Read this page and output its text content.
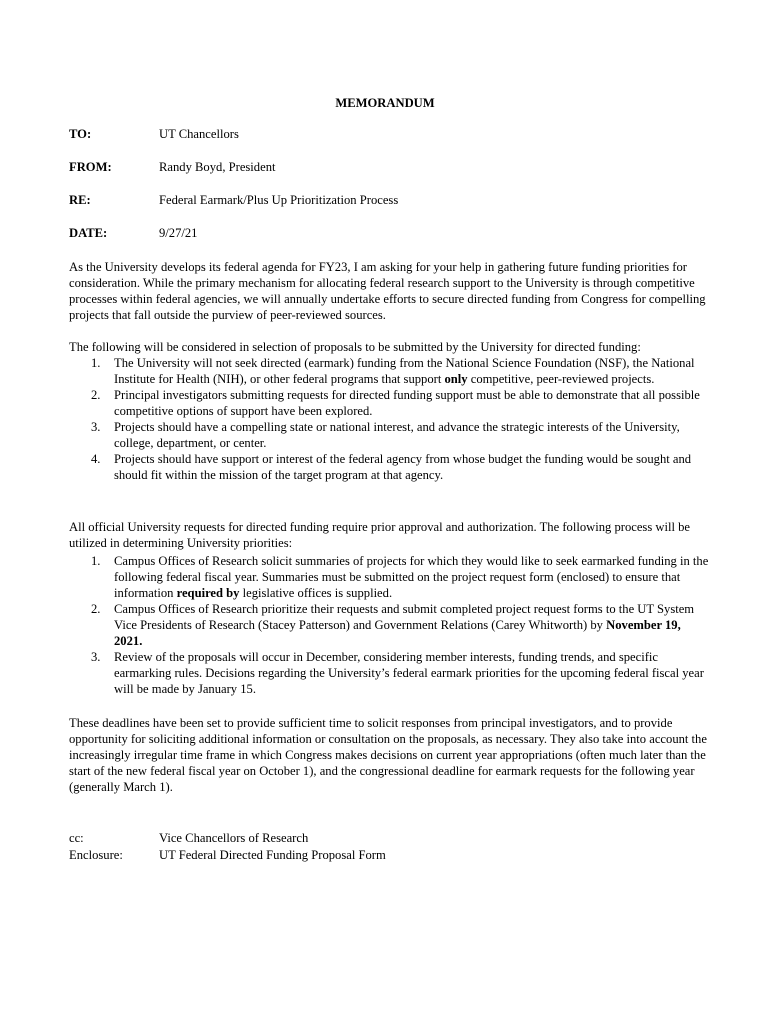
MEMORANDUM
TO:	UT Chancellors
FROM:	Randy Boyd, President
RE:	Federal Earmark/Plus Up Prioritization Process
DATE:	9/27/21

As the University develops its federal agenda for FY23, I am asking for your help in gathering future funding priorities for consideration. While the primary mechanism for allocating federal research support to the University is through competitive processes within federal agencies, we will annually undertake efforts to secure directed funding from Congress for compelling projects that fall outside the purview of peer-reviewed sources.

The following will be considered in selection of proposals to be submitted by the University for directed funding:

1. The University will not seek directed (earmark) funding from the National Science Foundation (NSF), the National Institute for Health (NIH), or other federal programs that support only competitive, peer-reviewed projects.
2. Principal investigators submitting requests for directed funding support must be able to demonstrate that all possible competitive options of support have been explored.
3. Projects should have a compelling state or national interest, and advance the strategic interests of the University, college, department, or center.
4. Projects should have support or interest of the federal agency from whose budget the funding would be sought and should fit within the mission of the target program at that agency.

All official University requests for directed funding require prior approval and authorization. The following process will be utilized in determining University priorities:

1. Campus Offices of Research solicit summaries of projects for which they would like to seek earmarked funding in the following federal fiscal year. Summaries must be submitted on the project request form (enclosed) to ensure that information required by legislative offices is supplied.
2. Campus Offices of Research prioritize their requests and submit completed project request forms to the UT System Vice Presidents of Research (Stacey Patterson) and Government Relations (Carey Whitworth) by November 19, 2021.
3. Review of the proposals will occur in December, considering member interests, funding trends, and specific earmarking rules. Decisions regarding the University’s federal earmark priorities for the upcoming federal fiscal year will be made by January 15.

These deadlines have been set to provide sufficient time to solicit responses from principal investigators, and to provide opportunity for soliciting additional information or consultation on the proposals, as necessary. They also take into account the increasingly irregular time frame in which Congress makes decisions on current year appropriations (often much later than the start of the new federal fiscal year on October 1), and the congressional deadline for earmark requests for the following year (generally March 1).

cc:	Vice Chancellors of Research
Enclosure:	UT Federal Directed Funding Proposal Form
